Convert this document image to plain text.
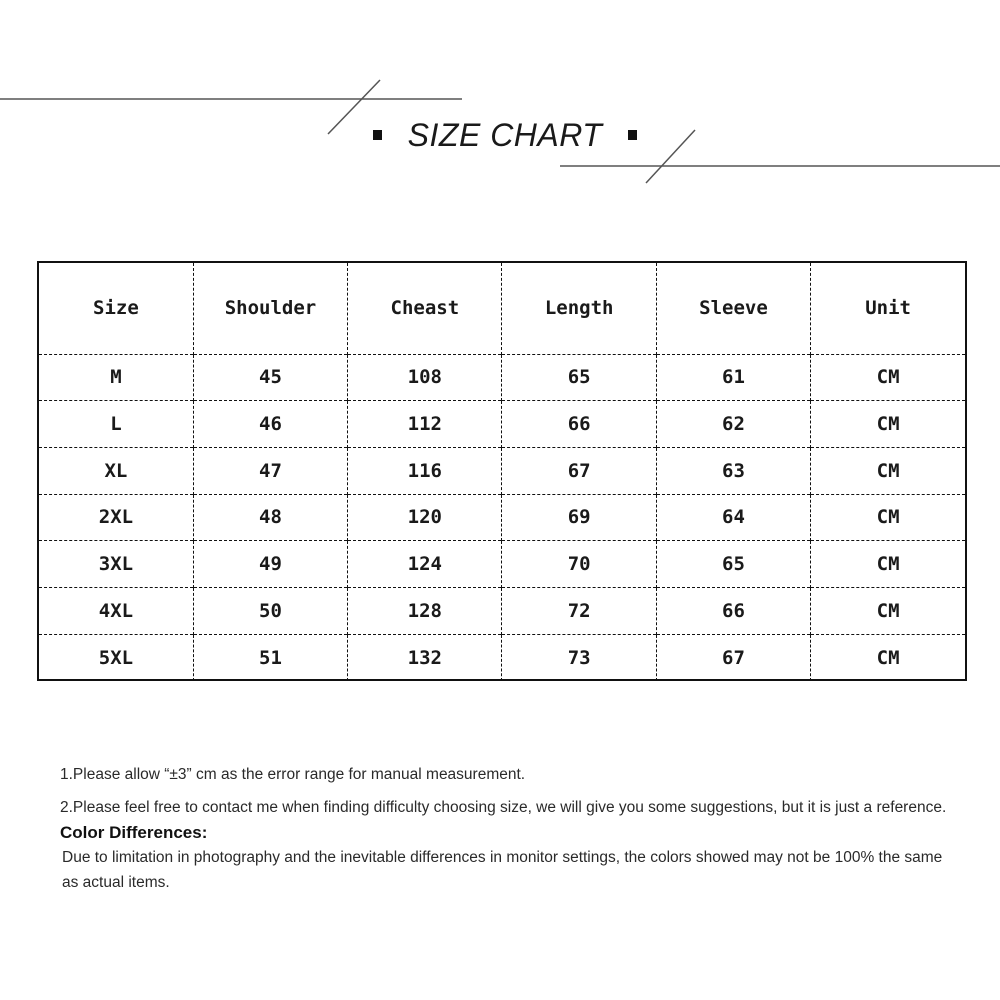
SIZE CHART
Size	Shoulder	Cheast	Length	Sleeve	Unit
M	45	108	65	61	CM
L	46	112	66	62	CM
XL	47	116	67	63	CM
2XL	48	120	69	64	CM
3XL	49	124	70	65	CM
4XL	50	128	72	66	CM
5XL	51	132	73	67	CM

1.Please allow “±3” cm as the error range for manual measurement.

2.Please feel free to contact me when finding difficulty choosing size, we will give you some suggestions, but it is just a reference.

Color Differences:

Due to limitation in photography and the inevitable differences in monitor settings, the colors showed may not be 100% the same as actual items.
